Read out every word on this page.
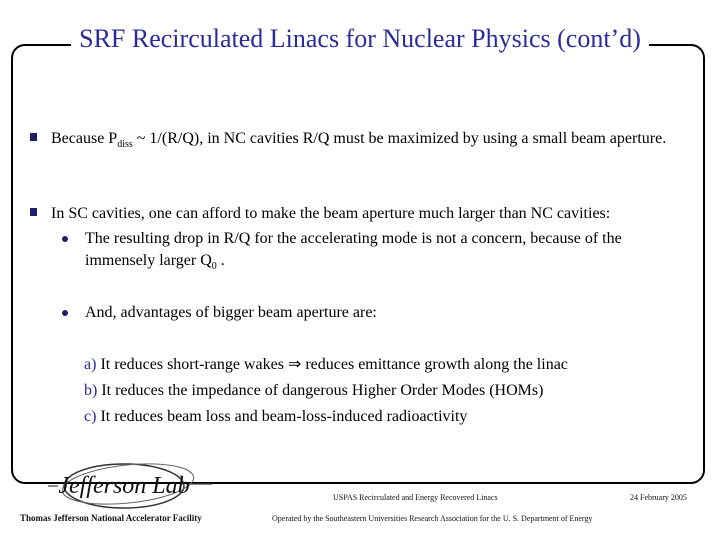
SRF Recirculated Linacs for Nuclear Physics (cont’d)
Because $P_{diss}$ ~ 1/(R/Q), in NC cavities R/Q must be maximized by using a small beam aperture.
In SC cavities, one can afford to make the beam aperture much larger than NC cavities:
The resulting drop in R/Q for the accelerating mode is not a concern, because of the immensely larger $Q_0$ .
And, advantages of bigger beam aperture are:
a) It reduces short-range wakes ⇒ reduces emittance growth along the linac
b) It reduces the impedance of dangerous Higher Order Modes (HOMs)
c) It reduces beam loss and beam-loss-induced radioactivity
Jefferson Lab
Thomas Jefferson National Accelerator Facility
USPAS Recirculated and Energy Recovered Linacs	24 February 2005
Operated by the Southeastern Universities Research Association for the U. S. Department of Energy
